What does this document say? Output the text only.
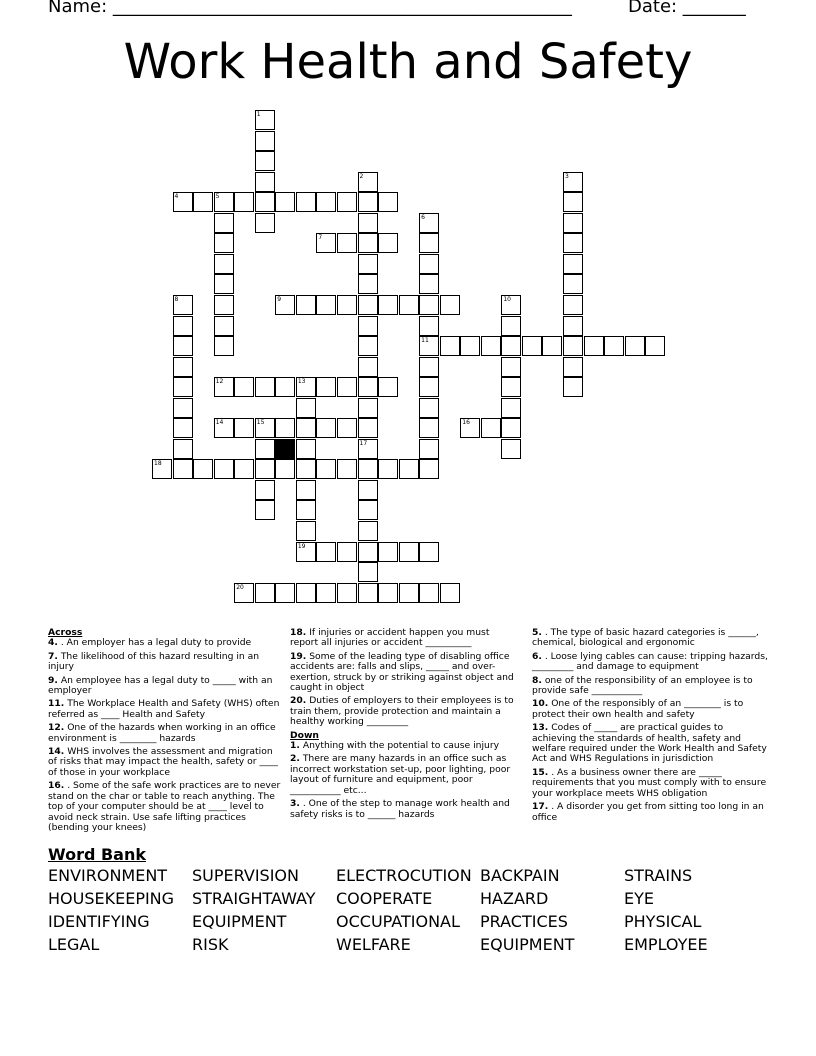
Name: ___________________________________________________	Date: _______
Work Health and Safety
1
2
17
3
4	5
6
11
7
8	9	10
12	13
19
14	15	16
18
20
Across
4. . An employer has a legal duty to provide
7. The likelihood of this hazard resulting in an injury
9. An employee has a legal duty to _____ with an employer
11. The Workplace Health and Safety (WHS) often referred as ____ Health and Safety
12. One of the hazards when working in an office environment is ________ hazards
14. WHS involves the assessment and migration of risks that may impact the health, safety or ____ of those in your workplace
16. . Some of the safe work practices are to never stand on the char or table to reach anything. The top of your computer should be at ____ level to avoid neck strain. Use safe lifting practices (bending your knees)
18. If injuries or accident happen you must report all injuries or accident __________
19. Some of the leading type of disabling office accidents are: falls and slips, _____ and over-exertion, struck by or striking against object and caught in object
20. Duties of employers to their employees is to train them, provide protection and maintain a healthy working _________
Down
1. Anything with the potential to cause injury
2. There are many hazards in an office such as incorrect workstation set-up, poor lighting, poor layout of furniture and equipment, poor ___________ etc...
3. . One of the step to manage work health and safety risks is to ______ hazards
5. . The type of basic hazard categories is ______, chemical, biological and ergonomic
6. . Loose lying cables can cause: tripping hazards, _________ and damage to equipment
8. one of the responsibility of an employee is to provide safe ___________
10. One of the responsibly of an ________ is to protect their own health and safety
13. Codes of _____ are practical guides to achieving the standards of health, safety and welfare required under the Work Health and Safety Act and WHS Regulations in jurisdiction
15. . As a business owner there are _____ requirements that you must comply with to ensure your workplace meets WHS obligation
17. . A disorder you get from sitting too long in an office
Word Bank
ENVIRONMENT	SUPERVISION	ELECTROCUTION BACKPAIN	STRAINS
HOUSEKEEPING	STRAIGHTAWAY	COOPERATE	HAZARD	EYE
IDENTIFYING	EQUIPMENT	OCCUPATIONAL	PRACTICES	PHYSICAL
LEGAL	RISK	WELFARE	EQUIPMENT	EMPLOYEE
